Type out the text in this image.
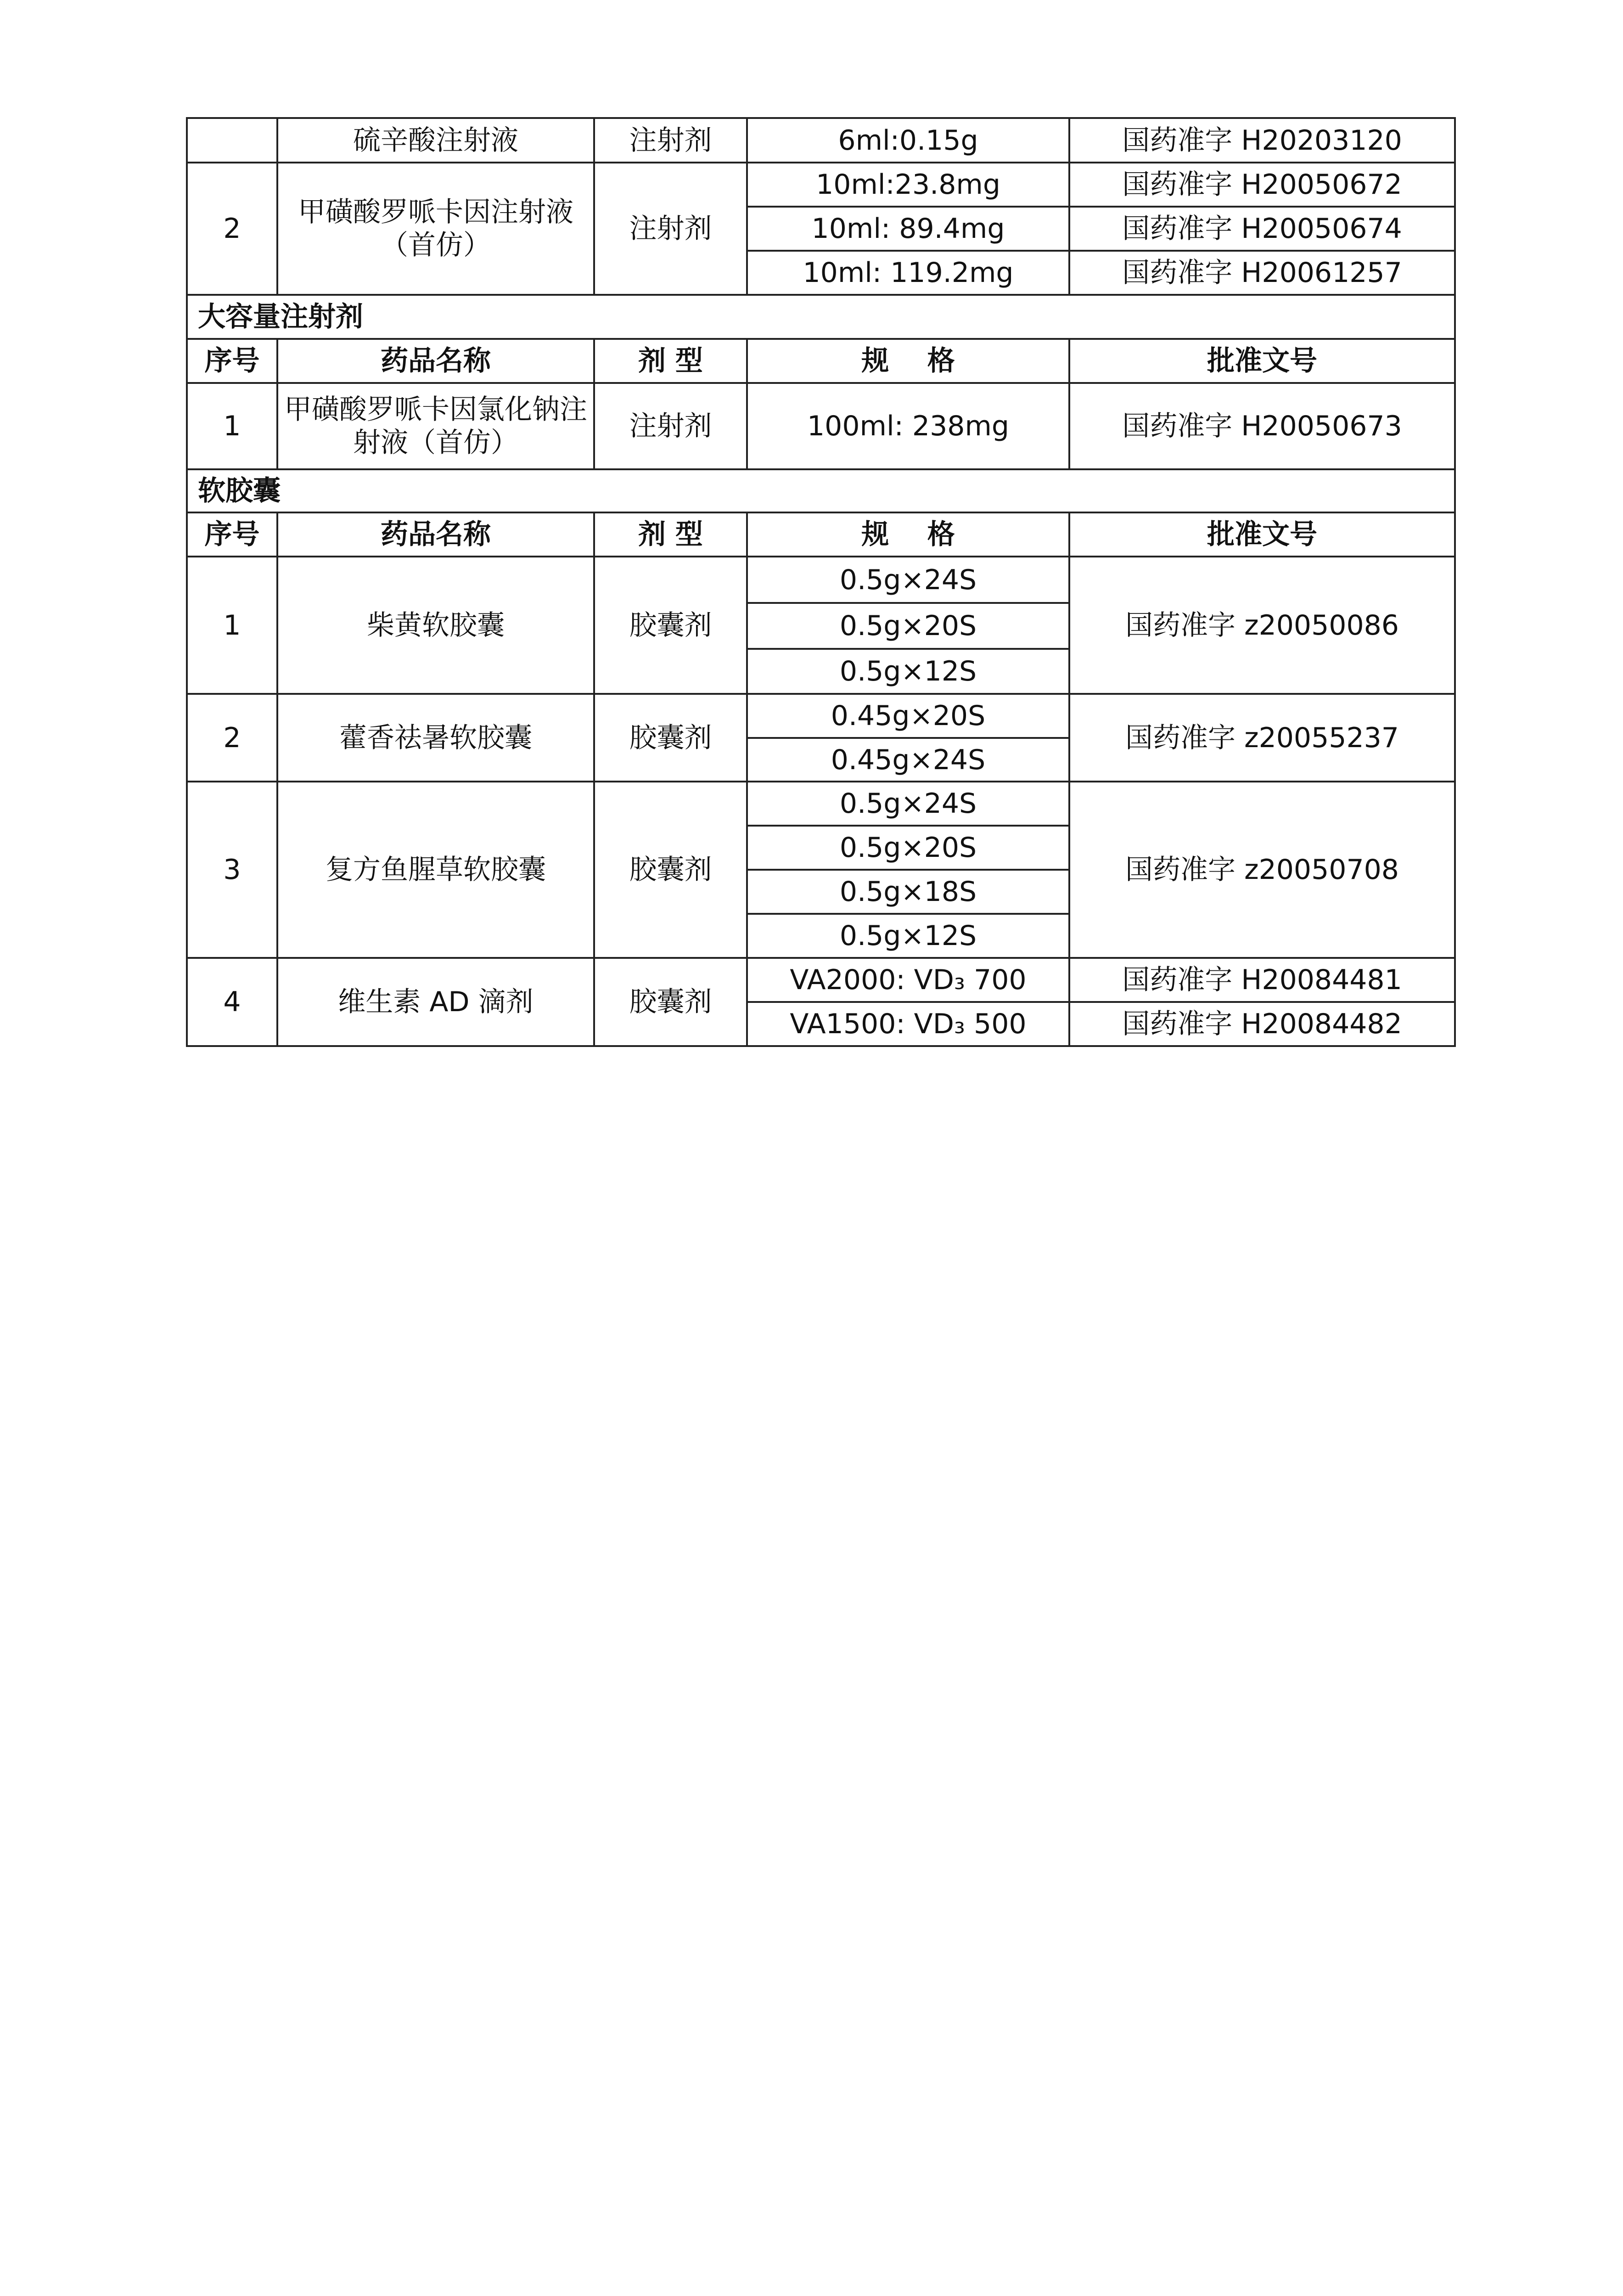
	硫辛酸注射液	注射剂	6ml:0.15g	国药准字 H20203120
2	甲磺酸罗哌卡因注射液（首仿）	注射剂	10ml:23.8mg	国药准字 H20050672
			10ml: 89.4mg	国药准字 H20050674
			10ml: 119.2mg	国药准字 H20061257
大容量注射剂				
序号	药品名称	剂 型	规    格	批准文号
1	甲磺酸罗哌卡因氯化钠注射液（首仿）	注射剂	100ml: 238mg	国药准字 H20050673
软胶囊				
序号	药品名称	剂 型	规    格	批准文号
1	柴黄软胶囊	胶囊剂	0.5g×24S	国药准字 z20050086
			0.5g×20S	
			0.5g×12S	
2	藿香祛暑软胶囊	胶囊剂	0.45g×20S	国药准字 z20055237
			0.45g×24S	
3	复方鱼腥草软胶囊	胶囊剂	0.5g×24S	国药准字 z20050708
			0.5g×20S	
			0.5g×18S	
			0.5g×12S	
4	维生素 AD 滴剂	胶囊剂	VA2000: VD₃ 700	国药准字 H20084481
			VA1500: VD₃ 500	国药准字 H20084482
